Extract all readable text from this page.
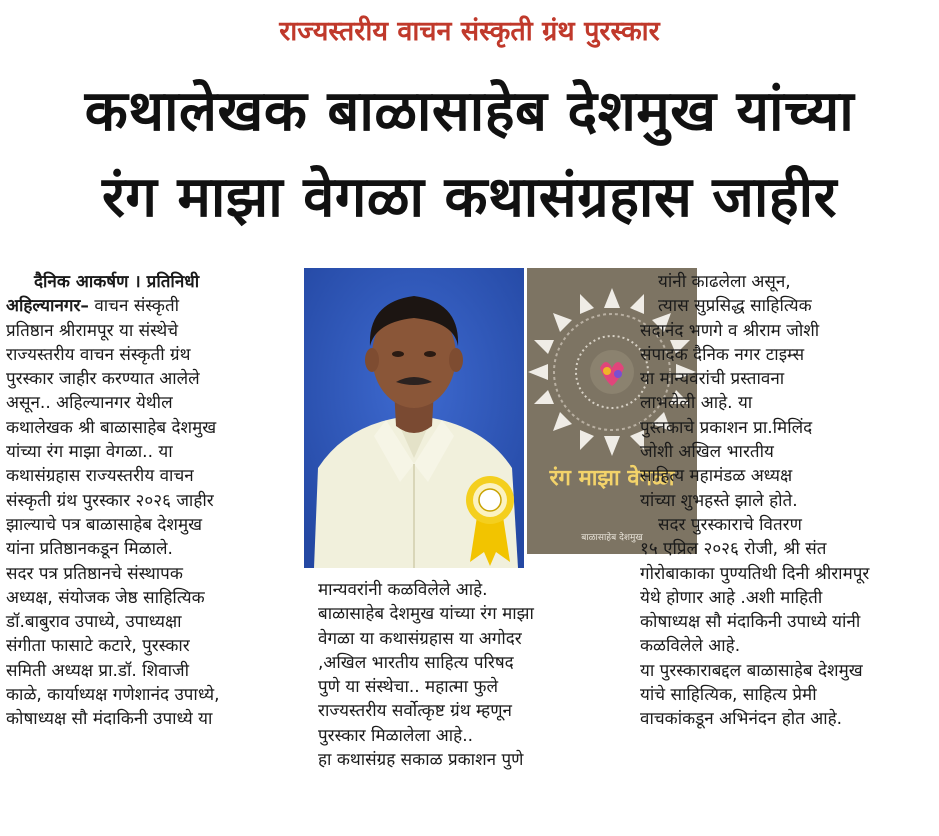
राज्यस्तरीय वाचन संस्कृती ग्रंथ पुरस्कार
कथालेखक बाळासाहेब देशमुख यांच्या
रंग माझा वेगळा कथासंग्रहास जाहीर

दैनिक आकर्षण । प्रतिनिधी

अहिल्यानगर– वाचन संस्कृती

प्रतिष्ठान श्रीरामपूर या संस्थेचे

राज्यस्तरीय वाचन संस्कृती ग्रंथ

पुरस्कार जाहीर करण्यात आलेले

असून.. अहिल्यानगर येथील

कथालेखक श्री बाळासाहेब देशमुख

यांच्या रंग माझा वेगळा.. या

कथासंग्रहास राज्यस्तरीय वाचन

संस्कृती ग्रंथ पुरस्कार २०२६ जाहीर

झाल्याचे पत्र बाळासाहेब देशमुख

यांना प्रतिष्ठानकडून मिळाले.

सदर पत्र प्रतिष्ठानचे संस्थापक

अध्यक्ष, संयोजक जेष्ठ साहित्यिक

डॉ.बाबुराव उपाध्ये, उपाध्यक्षा

संगीता फासाटे कटारे, पुरस्कार

समिती अध्यक्ष प्रा.डॉ. शिवाजी

काळे, कार्याध्यक्ष गणेशानंद उपाध्ये,

कोषाध्यक्ष सौ मंदाकिनी उपाध्ये या

रंग माझा वेगळा
बाळासाहेब देशमुख

मान्यवरांनी कळविलेले आहे.

बाळासाहेब देशमुख यांच्या रंग माझा

वेगळा या कथासंग्रहास या अगोदर

,अखिल भारतीय साहित्य परिषद

पुणे या संस्थेचा.. महात्मा फुले

राज्यस्तरीय सर्वोत्कृष्ट ग्रंथ म्हणून

पुरस्कार मिळालेला आहे..

हा कथासंग्रह सकाळ प्रकाशन पुणे

यांनी काढलेला असून,

त्यास सुप्रसिद्ध साहित्यिक

सदानंद भणगे व श्रीराम जोशी

संपादक दैनिक नगर टाइम्स

या मान्यवरांची प्रस्तावना

लाभलेली आहे. या

पुस्तकाचे प्रकाशन प्रा.मिलिंद

जोशी अखिल भारतीय

साहित्य महामंडळ अध्यक्ष

यांच्या शुभहस्ते झाले होते.

सदर पुरस्काराचे वितरण

१५ एप्रिल २०२६ रोजी, श्री संत

गोरोबाकाका पुण्यतिथी दिनी श्रीरामपूर

येथे होणार आहे .अशी माहिती

कोषाध्यक्ष सौ मंदाकिनी उपाध्ये यांनी

कळविलेले आहे.

या पुरस्काराबद्दल बाळासाहेब देशमुख

यांचे साहित्यिक, साहित्य प्रेमी

वाचकांकडून अभिनंदन होत आहे.
